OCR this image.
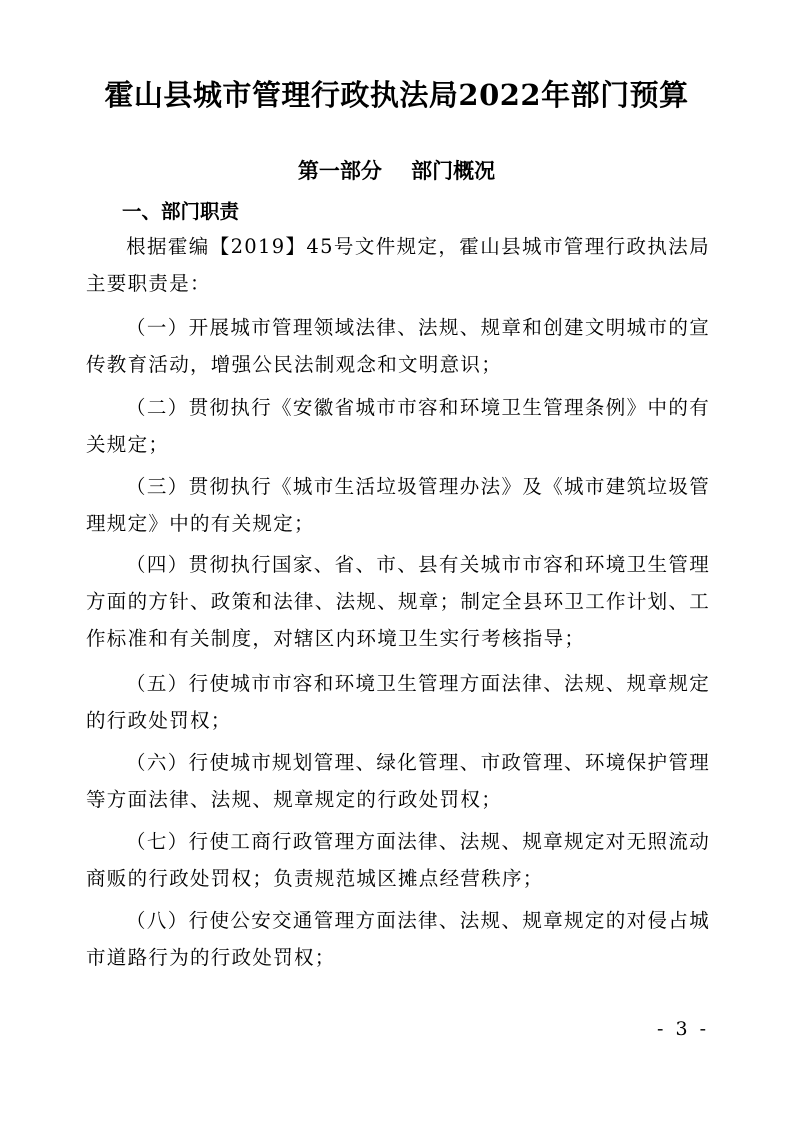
霍山县城市管理行政执法局2022年部门预算
第一部分    部门概况
一、部门职责

根据霍编【2019】45号文件规定，霍山县城市管理行政执法局主要职责是：

（一）开展城市管理领域法律、法规、规章和创建文明城市的宣传教育活动，增强公民法制观念和文明意识；

（二）贯彻执行《安徽省城市市容和环境卫生管理条例》中的有关规定；

（三）贯彻执行《城市生活垃圾管理办法》及《城市建筑垃圾管理规定》中的有关规定；

（四）贯彻执行国家、省、市、县有关城市市容和环境卫生管理方面的方针、政策和法律、法规、规章；制定全县环卫工作计划、工作标准和有关制度，对辖区内环境卫生实行考核指导；

（五）行使城市市容和环境卫生管理方面法律、法规、规章规定的行政处罚权；

（六）行使城市规划管理、绿化管理、市政管理、环境保护管理等方面法律、法规、规章规定的行政处罚权；

（七）行使工商行政管理方面法律、法规、规章规定对无照流动商贩的行政处罚权；负责规范城区摊点经营秩序；

（八）行使公安交通管理方面法律、法规、规章规定的对侵占城市道路行为的行政处罚权；

- 3 -
